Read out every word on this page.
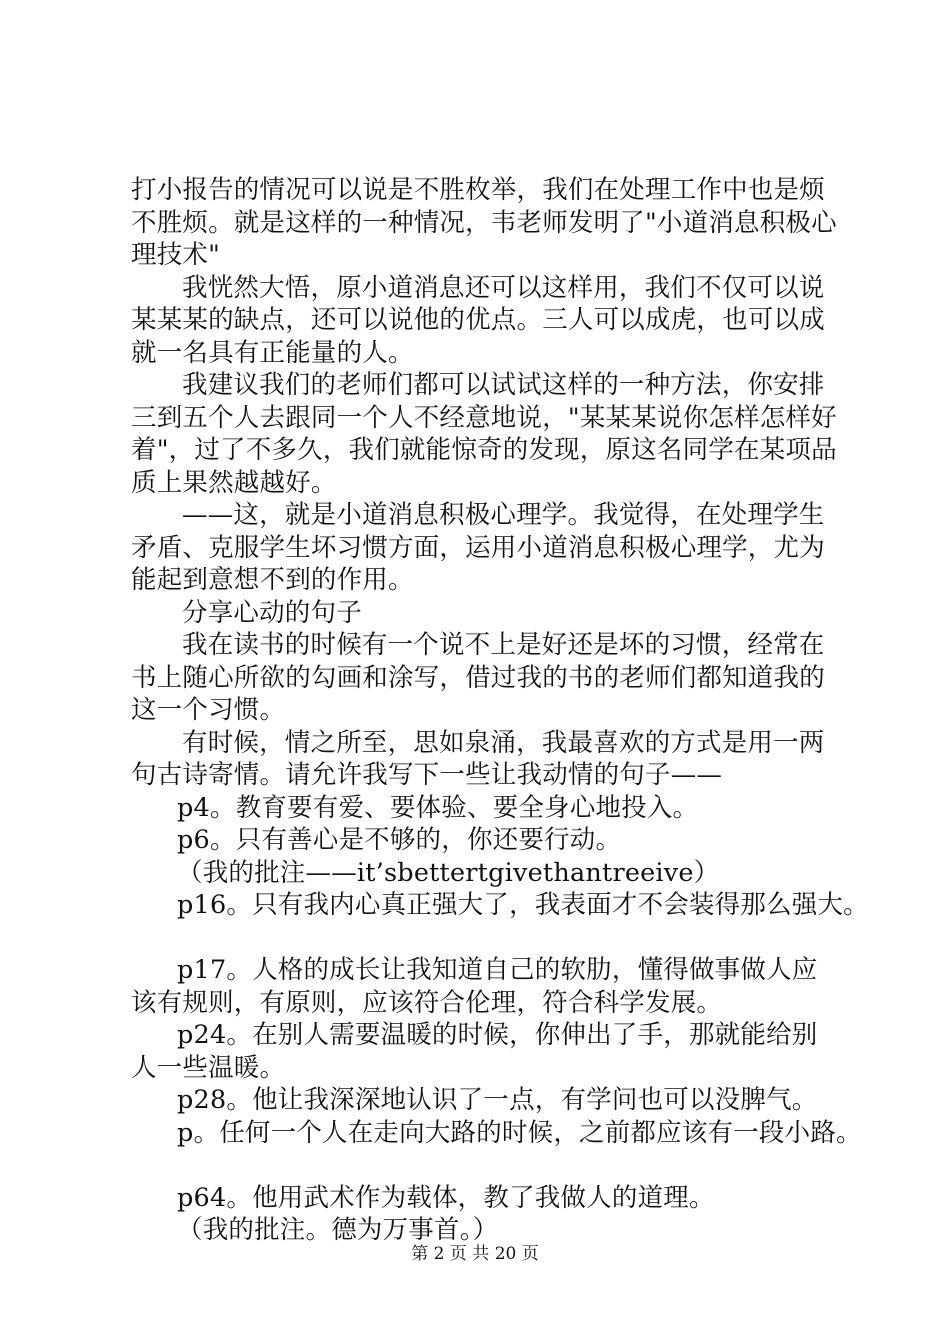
打小报告的情况可以说是不胜枚举，我们在处理工作中也是烦不胜烦。就是这样的一种情况，韦老师发明了"小道消息积极心理技术"

我恍然大悟，原小道消息还可以这样用，我们不仅可以说某某某的缺点，还可以说他的优点。三人可以成虎，也可以成就一名具有正能量的人。

我建议我们的老师们都可以试试这样的一种方法，你安排三到五个人去跟同一个人不经意地说，"某某某说你怎样怎样好着"，过了不多久，我们就能惊奇的发现，原这名同学在某项品质上果然越越好。

——这，就是小道消息积极心理学。我觉得，在处理学生矛盾、克服学生坏习惯方面，运用小道消息积极心理学，尤为能起到意想不到的作用。

分享心动的句子

我在读书的时候有一个说不上是好还是坏的习惯，经常在书上随心所欲的勾画和涂写，借过我的书的老师们都知道我的这一个习惯。

有时候，情之所至，思如泉涌，我最喜欢的方式是用一两句古诗寄情。请允许我写下一些让我动情的句子——

p4。教育要有爱、要体验、要全身心地投入。

p6。只有善心是不够的，你还要行动。

（我的批注——it’sbettertgivethantreeive）

p16。只有我内心真正强大了，我表面才不会装得那么强大。

p17。人格的成长让我知道自己的软肋，懂得做事做人应该有规则，有原则，应该符合伦理，符合科学发展。

p24。在别人需要温暖的时候，你伸出了手，那就能给别人一些温暖。

p28。他让我深深地认识了一点，有学问也可以没脾气。

p。任何一个人在走向大路的时候，之前都应该有一段小路。

p64。他用武术作为载体，教了我做人的道理。

（我的批注。德为万事首。）

第 2 页 共 20 页
